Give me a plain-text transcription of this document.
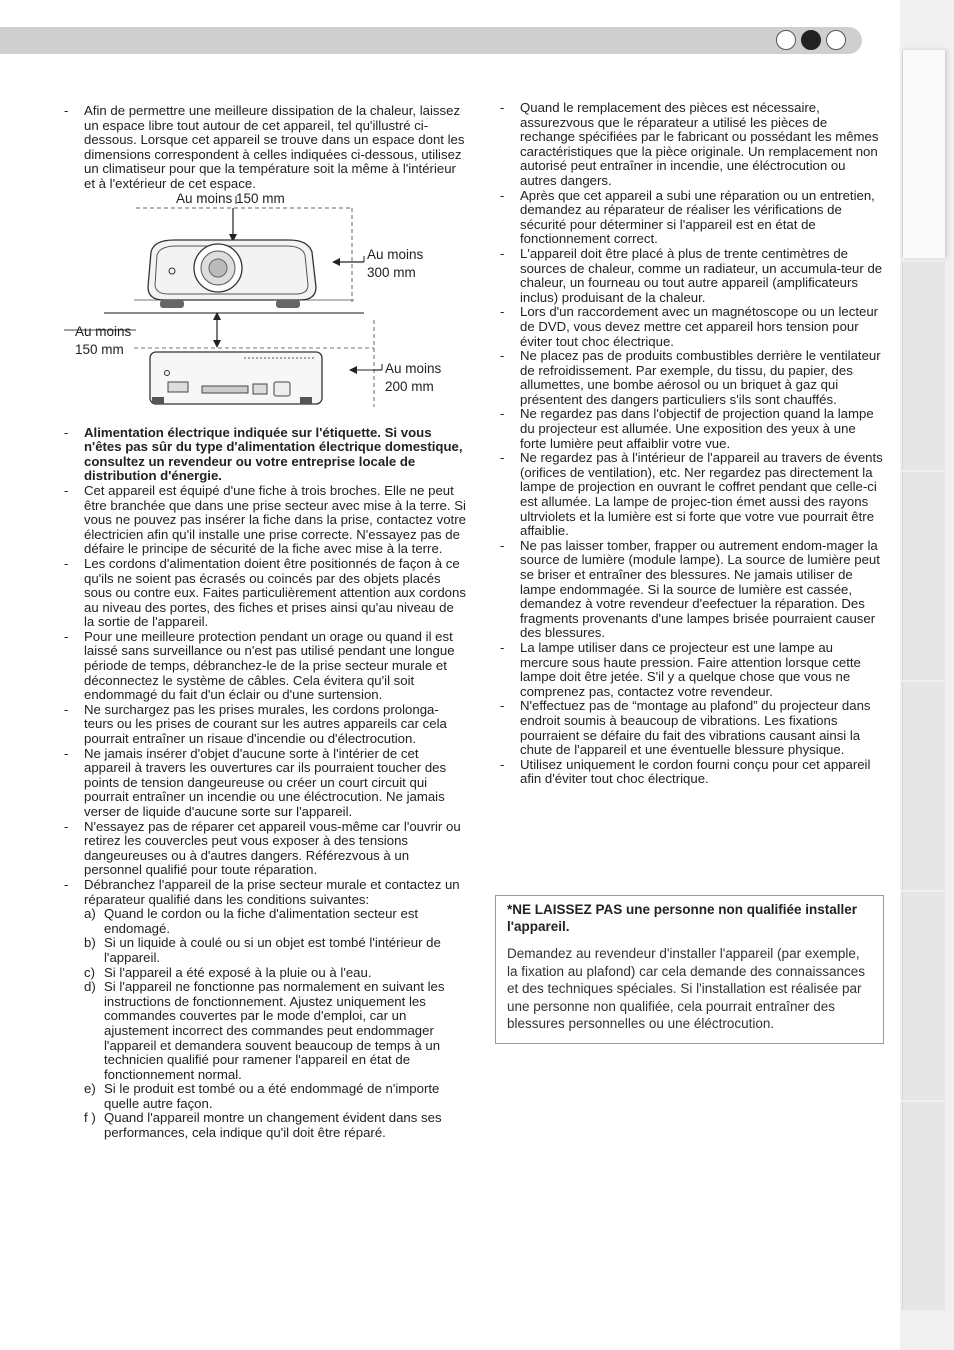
-	Afin de permettre une meilleure dissipation de la chaleur, laissez un espace libre tout autour de cet appareil, tel qu'illustré ci-dessous. Lorsque cet appareil se trouve dans un espace dont les dimensions correspondent à celles indiquées ci-dessous, utilisez un climatiseur pour que la température soit la même à l'intérieur et à l'extérieur de cet espace.
Au moins 150 mm
Au moins
300 mm
Au moins
150 mm
Au moins
200 mm
-	Alimentation électrique indiquée sur l'étiquette. Si vous n'êtes pas sûr du type d'alimentation électrique domestique, consultez un revendeur ou votre entreprise locale de distribution d'énergie.
-	Cet appareil est équipé d'une fiche à trois broches. Elle ne peut être branchée que dans une prise secteur avec mise à la terre. Si vous ne pouvez pas insérer la fiche dans la prise, contactez votre électricien afin qu'il installe une prise correcte. N'essayez pas de défaire le principe de sécurité de la fiche avec mise à la terre.
-	Les cordons d'alimentation doient être positionnés de façon à ce qu'ils ne soient pas écrasés ou coincés par des objets placés sous ou contre eux. Faites particulièrement attention aux cordons au niveau des portes, des fiches et prises ainsi qu'au niveau de la sortie de l'appareil.
-	Pour une meilleure protection pendant un orage ou quand il est laissé sans surveillance ou n'est pas utilisé pendant une longue période de temps, débranchez-le de la prise secteur murale et déconnectez le système de câbles. Cela évitera qu'il soit endommagé du fait d'un éclair ou d'une surtension.
-	Ne surchargez pas les prises murales, les cordons prolonga-teurs ou les prises de courant sur les autres appareils car cela pourrait entraîner un risaue d'incendie ou d'électrocution.
-	Ne jamais insérer d'objet d'aucune sorte à l'intérier de cet appareil à travers les ouvertures car ils pourraient toucher des points de tension dangeureuse ou créer un court circuit qui pourrait entraîner un incendie ou une éléctrocution. Ne jamais verser de liquide d'aucune sorte sur l'appareil.
-	N'essayez pas de réparer cet appareil vous-même car l'ouvrir ou retirez les couvercles peut vous exposer à des tensions dangeureuses ou à d'autres dangers. Référezvous à un personnel qualifié pour toute réparation.
-	Débranchez l'appareil de la prise secteur murale et contactez un réparateur qualifié dans les conditions suivantes:
a) Quand le cordon ou la fiche d'alimentation secteur est endomagé.
b) Si un liquide à coulé ou si un objet est tombé l'intérieur de l'appareil.
c) Si l'appareil a été exposé à la pluie ou à l'eau.
d) Si l'appareil ne fonctionne pas normalement en suivant les instructions de fonctionnement. Ajustez uniquement les commandes couvertes par le mode d'emploi, car un ajustement incorrect des commandes peut endommager l'appareil et demandera souvent beaucoup de temps à un technicien qualifié pour ramener l'appareil en état de fonctionnement normal.
e) Si le produit est tombé ou a été endommagé de n'importe quelle autre façon.
f ) Quand l'appareil montre un changement évident dans ses performances, cela indique qu'il doit être réparé.
-	Quand le remplacement des pièces est nécessaire, assurezvous que le réparateur a utilisé les pièces de rechange spécifiées par le fabricant ou possédant les mêmes caractéristiques que la pièce originale. Un remplacement non autorisé peut entraîner in incendie, une éléctrocution ou autres dangers.
-	Après que cet appareil a subi une réparation ou un entretien, demandez au réparateur de réaliser les vérifications de sécurité pour déterminer si l'appareil est en état de fonctionnement correct.
-	L'appareil doit être placé à plus de trente centimètres de sources de chaleur, comme un radiateur, un accumula-teur de chaleur, un fourneau ou tout autre appareil (amplificateurs inclus) produisant de la chaleur.
-	Lors d'un raccordement avec un magnétoscope ou un lecteur de DVD, vous devez mettre cet appareil hors tension pour éviter tout choc électrique.
-	Ne placez pas de produits combustibles derrière le ventilateur de refroidissement. Par exemple, du tissu, du papier, des allumettes, une bombe aérosol ou un briquet à gaz qui présentent des dangers particuliers s'ils sont chauffés.
-	Ne regardez pas dans l'objectif de projection quand la lampe du projecteur est allumée. Une exposition des yeux à une forte lumière peut affaiblir votre vue.
-	Ne regardez pas à l'intérieur de l'appareil au travers de évents (orifices de ventilation), etc. Ner regardez pas directement la lampe de projection en ouvrant le coffret pendant que celle-ci est allumée. La lampe de projec-tion émet aussi des rayons ultrviolets et la lumière est si forte que votre vue pourrait être affaiblie.
-	Ne pas laisser tomber, frapper ou autrement endom-mager la source de lumière (module lampe). La source de lumière peut se briser et entraîner des blessures. Ne jamais utiliser de lampe endommagée. Si la source de lumière est cassée, demandez à votre revendeur d'eefectuer la réparation. Des fragments provenants d'une lampes brisée pourraient causer des blessures.
-	La lampe utiliser dans ce projecteur est une lampe au mercure sous haute pression. Faire attention lorsque cette lampe doit être jetée. S'il y a quelque chose que vous ne comprenez pas, contactez votre revendeur.
-	N'effectuez pas de “montage au plafond” du projecteur dans endroit soumis à beaucoup de vibrations. Les fixations pourraient se défaire du fait des vibrations causant ainsi la chute de l'appareil et une éventuelle blessure physique.
-	Utilisez uniquement le cordon fourni conçu pour cet appareil afin d'éviter tout choc électrique.
*NE LAISSEZ PAS une personne non qualifiée installer l'appareil.
Demandez au revendeur d'installer l'appareil (par exemple, la fixation au plafond) car cela demande des connaissances et des techniques spéciales. Si l'installation est réalisée par une personne non qualifiée, cela pourrait entraîner des blessures personnelles ou une éléctrocution.
